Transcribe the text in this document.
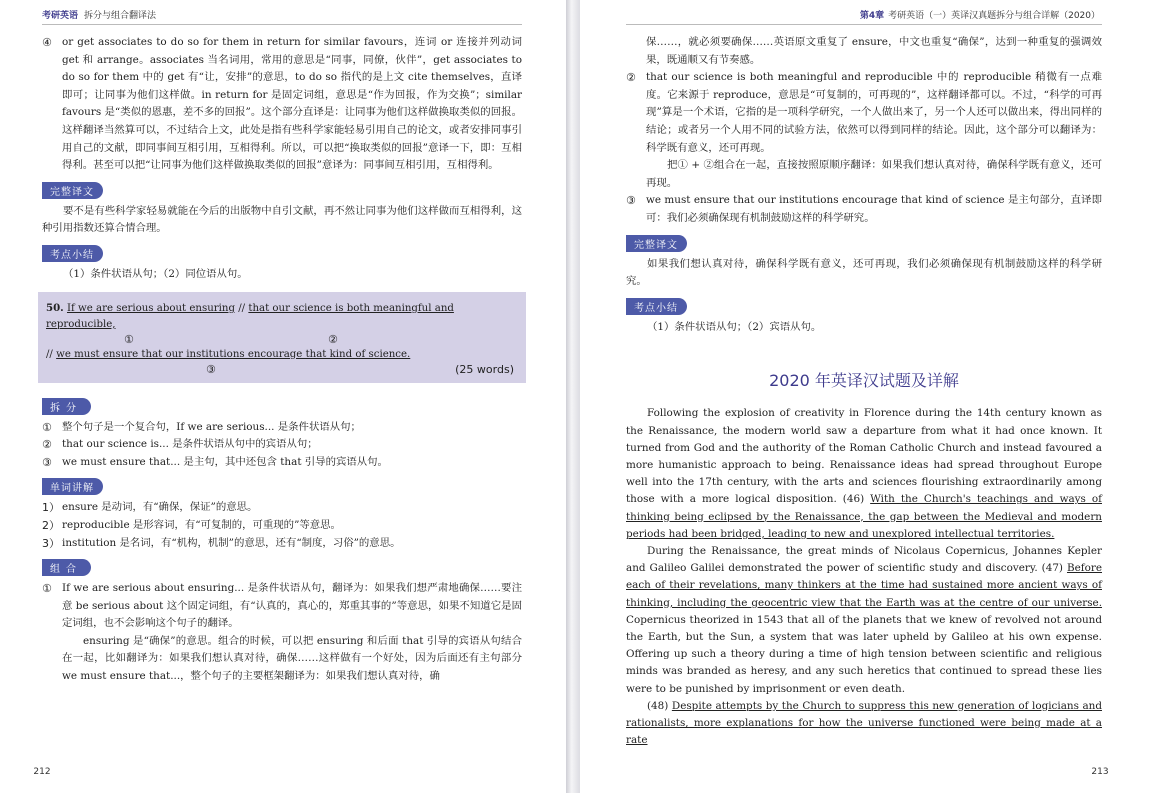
考研英语 拆分与组合翻译法
④ or get associates to do so for them in return for similar favours，连词 or 连接并列动词 get 和 arrange。associates 当名词用，常用的意思是“同事，同僚，伙伴”，get associates to do so for them 中的 get 有“让，安排”的意思，to do so 指代的是上文 cite themselves，直译即可；让同事为他们这样做。in return for 是固定词组，意思是“作为回报，作为交换”；similar favours 是“类似的恩惠，差不多的回报”。这个部分直译是：让同事为他们这样做换取类似的回报。这样翻译当然算可以，不过结合上文，此处是指有些科学家能轻易引用自己的论文，或者安排同事引用自己的文献，即同事间互相引用，互相得利。所以，可以把“换取类似的回报”意译一下，即：互相得利。甚至可以把“让同事为他们这样做换取类似的回报”意译为：同事间互相引用，互相得利。
完整译文

要不是有些科学家轻易就能在今后的出版物中自引文献，再不然让同事为他们这样做而互相得利，这种引用指数还算合情合理。

考点小结

（1）条件状语从句；（2）同位语从句。

50. If we are serious about ensuring // that our science is both meaningful and reproducible,
①	②
// we must ensure that our institutions encourage that kind of science.
③	(25 words)
拆分
① 整个句子是一个复合句，If we are serious... 是条件状语从句；
② that our science is... 是条件状语从句中的宾语从句；
③ we must ensure that... 是主句，其中还包含 that 引导的宾语从句。
单词讲解
1） ensure 是动词，有“确保，保证”的意思。
2） reproducible 是形容词，有“可复制的，可重现的”等意思。
3） institution 是名词，有“机构，机制”的意思，还有“制度，习俗”的意思。
组合
① If we are serious about ensuring... 是条件状语从句，翻译为：如果我们想严肃地确保……要注意 be serious about 这个固定词组，有“认真的，真心的，郑重其事的”等意思，如果不知道它是固定词组，也不会影响这个句子的翻译。
ensuring 是“确保”的意思。组合的时候，可以把 ensuring 和后面 that 引导的宾语从句结合在一起，比如翻译为：如果我们想认真对待，确保……这样做有一个好处，因为后面还有主句部分 we must ensure that...，整个句子的主要框架翻译为：如果我们想认真对待，确
212
第4章 考研英语（一）英译汉真题拆分与组合详解（2020）
保……，就必须要确保……英语原文重复了 ensure，中文也重复“确保”，达到一种重复的强调效果，既通顺又有节奏感。
② that our science is both meaningful and reproducible 中的 reproducible 稍微有一点难度。它来源于 reproduce，意思是“可复制的，可再现的”，这样翻译都可以。不过，“科学的可再现”算是一个术语，它指的是一项科学研究，一个人做出来了，另一个人还可以做出来，得出同样的结论；或者另一个人用不同的试验方法，依然可以得到同样的结论。因此，这个部分可以翻译为：科学既有意义，还可再现。
把① + ②组合在一起，直接按照原顺序翻译：如果我们想认真对待，确保科学既有意义，还可再现。
③ we must ensure that our institutions encourage that kind of science 是主句部分，直译即可：我们必须确保现有机制鼓励这样的科学研究。
完整译文

如果我们想认真对待，确保科学既有意义，还可再现，我们必须确保现有机制鼓励这样的科学研究。

考点小结

（1）条件状语从句；（2）宾语从句。

2020 年英译汉试题及详解

Following the explosion of creativity in Florence during the 14th century known as the Renaissance, the modern world saw a departure from what it had once known. It turned from God and the authority of the Roman Catholic Church and instead favoured a more humanistic approach to being. Renaissance ideas had spread throughout Europe well into the 17th century, with the arts and sciences flourishing extraordinarily among those with a more logical disposition. (46) With the Church's teachings and ways of thinking being eclipsed by the Renaissance, the gap between the Medieval and modern periods had been bridged, leading to new and unexplored intellectual territories.

During the Renaissance, the great minds of Nicolaus Copernicus, Johannes Kepler and Galileo Galilei demonstrated the power of scientific study and discovery. (47) Before each of their revelations, many thinkers at the time had sustained more ancient ways of thinking, including the geocentric view that the Earth was at the centre of our universe. Copernicus theorized in 1543 that all of the planets that we knew of revolved not around the Earth, but the Sun, a system that was later upheld by Galileo at his own expense. Offering up such a theory during a time of high tension between scientific and religious minds was branded as heresy, and any such heretics that continued to spread these lies were to be punished by imprisonment or even death.

(48) Despite attempts by the Church to suppress this new generation of logicians and rationalists, more explanations for how the universe functioned were being made at a rate

213
